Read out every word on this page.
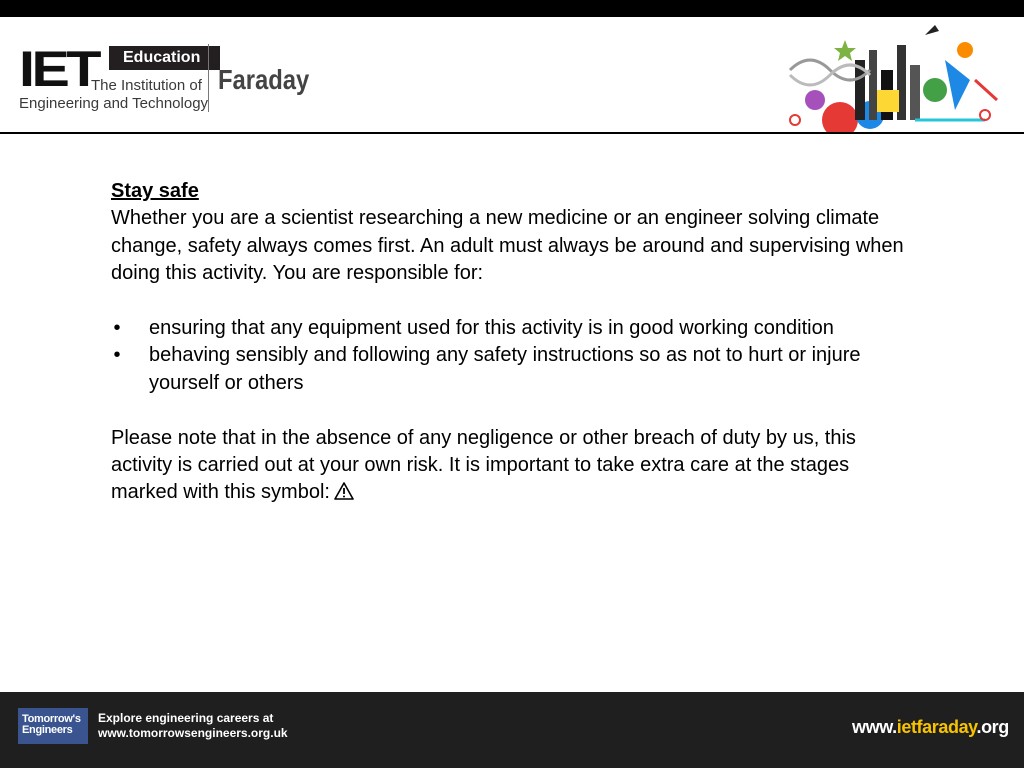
IET	Education
The Institution of
Engineering and Technology
Faraday

Stay safe

Whether you are a scientist researching a new medicine or an engineer solving climate change, safety always comes first. An adult must always be around and supervising when doing this activity. You are responsible for:

• ensuring that any equipment used for this activity is in good working condition
• behaving sensibly and following any safety instructions so as not to hurt or injure yourself or others

Please note that in the absence of any negligence or other breach of duty by us, this activity is carried out at your own risk. It is important to take extra care at the stages marked with this symbol:

Tomorrow's
Engineers
Explore engineering careers at
www.tomorrowsengineers.org.uk	www.ietfaraday.org
